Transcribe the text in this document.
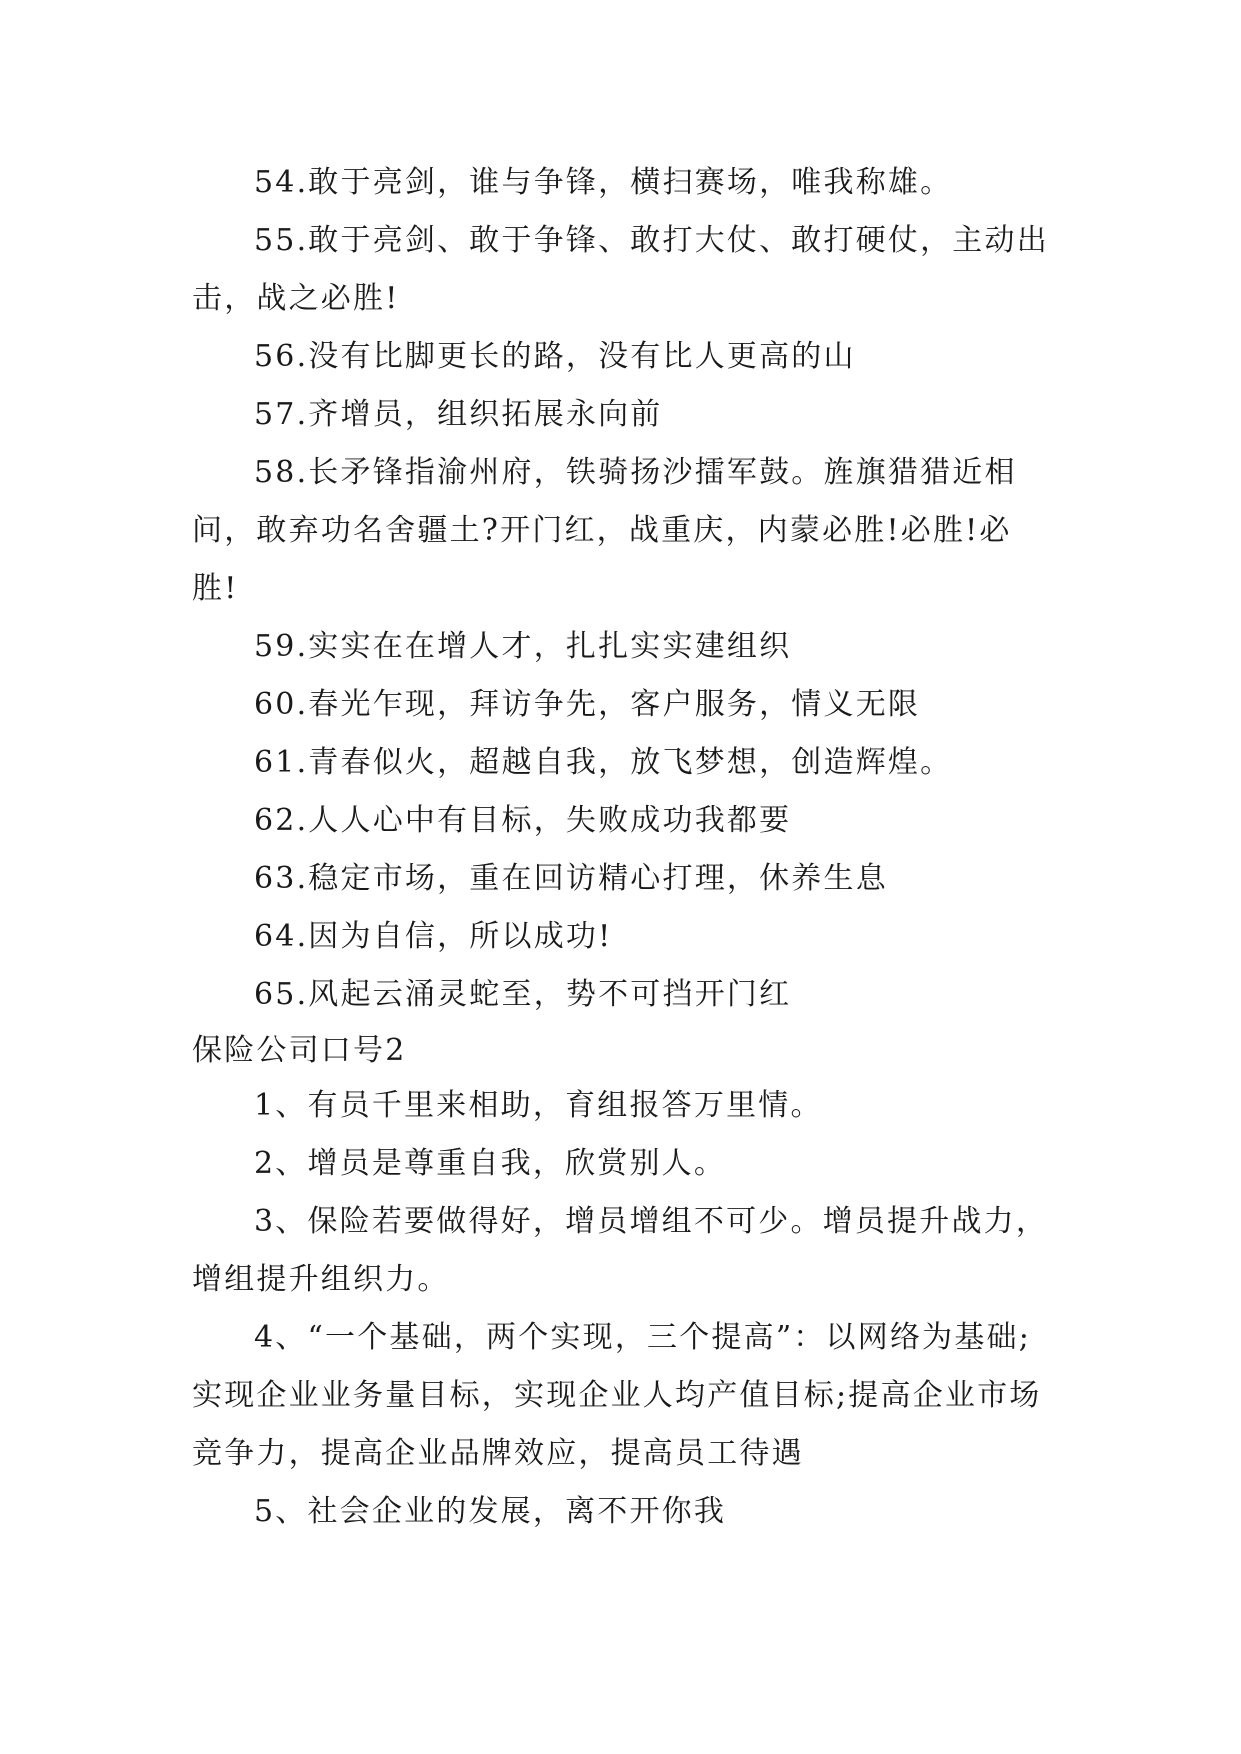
54.敢于亮剑，谁与争锋，横扫赛场，唯我称雄。

55.敢于亮剑、敢于争锋、敢打大仗、敢打硬仗，主动出击，战之必胜!

56.没有比脚更长的路，没有比人更高的山

57.齐增员，组织拓展永向前

58.长矛锋指渝州府，铁骑扬沙擂军鼓。旌旗猎猎近相问，敢弃功名舍疆土?开门红，战重庆，内蒙必胜!必胜!必胜!

59.实实在在增人才，扎扎实实建组织

60.春光乍现，拜访争先，客户服务，情义无限

61.青春似火，超越自我，放飞梦想，创造辉煌。

62.人人心中有目标，失败成功我都要

63.稳定市场，重在回访精心打理，休养生息

64.因为自信，所以成功!

65.风起云涌灵蛇至，势不可挡开门红

保险公司口号2

1、有员千里来相助，育组报答万里情。

2、增员是尊重自我，欣赏别人。

3、保险若要做得好，增员增组不可少。增员提升战力，增组提升组织力。

4、“一个基础，两个实现，三个提高”：以网络为基础;实现企业业务量目标，实现企业人均产值目标;提高企业市场竞争力，提高企业品牌效应，提高员工待遇

5、社会企业的发展，离不开你我
